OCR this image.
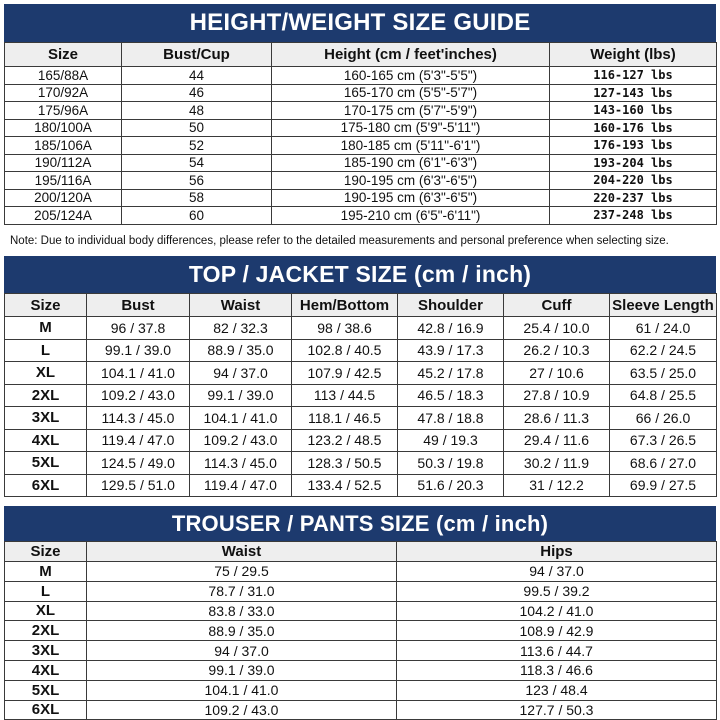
HEIGHT/WEIGHT SIZE GUIDE
Size	Bust/Cup	Height (cm / feet'inches)	Weight (lbs)
165/88A	44	160-165 cm (5'3"-5'5")	116-127 lbs
170/92A	46	165-170 cm (5'5"-5'7")	127-143 lbs
175/96A	48	170-175 cm (5'7"-5'9")	143-160 lbs
180/100A	50	175-180 cm (5'9"-5'11")	160-176 lbs
185/106A	52	180-185 cm (5'11"-6'1")	176-193 lbs
190/112A	54	185-190 cm (6'1"-6'3")	193-204 lbs
195/116A	56	190-195 cm (6'3"-6'5")	204-220 lbs
200/120A	58	190-195 cm (6'3"-6'5")	220-237 lbs
205/124A	60	195-210 cm (6'5"-6'11")	237-248 lbs
Note: Due to individual body differences, please refer to the detailed measurements and personal preference when selecting size.
TOP / JACKET SIZE (cm / inch)
Size	Bust	Waist	Hem/Bottom	Shoulder	Cuff	Sleeve Length
M	96 / 37.8	82 / 32.3	98 / 38.6	42.8 / 16.9	25.4 / 10.0	61 / 24.0
L	99.1 / 39.0	88.9 / 35.0	102.8 / 40.5	43.9 / 17.3	26.2 / 10.3	62.2 / 24.5
XL	104.1 / 41.0	94 / 37.0	107.9 / 42.5	45.2 / 17.8	27 / 10.6	63.5 / 25.0
2XL	109.2 / 43.0	99.1 / 39.0	113 / 44.5	46.5 / 18.3	27.8 / 10.9	64.8 / 25.5
3XL	114.3 / 45.0	104.1 / 41.0	118.1 / 46.5	47.8 / 18.8	28.6 / 11.3	66 / 26.0
4XL	119.4 / 47.0	109.2 / 43.0	123.2 / 48.5	49 / 19.3	29.4 / 11.6	67.3 / 26.5
5XL	124.5 / 49.0	114.3 / 45.0	128.3 / 50.5	50.3 / 19.8	30.2 / 11.9	68.6 / 27.0
6XL	129.5 / 51.0	119.4 / 47.0	133.4 / 52.5	51.6 / 20.3	31 / 12.2	69.9 / 27.5
TROUSER / PANTS SIZE (cm / inch)
Size	Waist	Hips
M	75 / 29.5	94 / 37.0
L	78.7 / 31.0	99.5 / 39.2
XL	83.8 / 33.0	104.2 / 41.0
2XL	88.9 / 35.0	108.9 / 42.9
3XL	94 / 37.0	113.6 / 44.7
4XL	99.1 / 39.0	118.3 / 46.6
5XL	104.1 / 41.0	123 / 48.4
6XL	109.2 / 43.0	127.7 / 50.3
